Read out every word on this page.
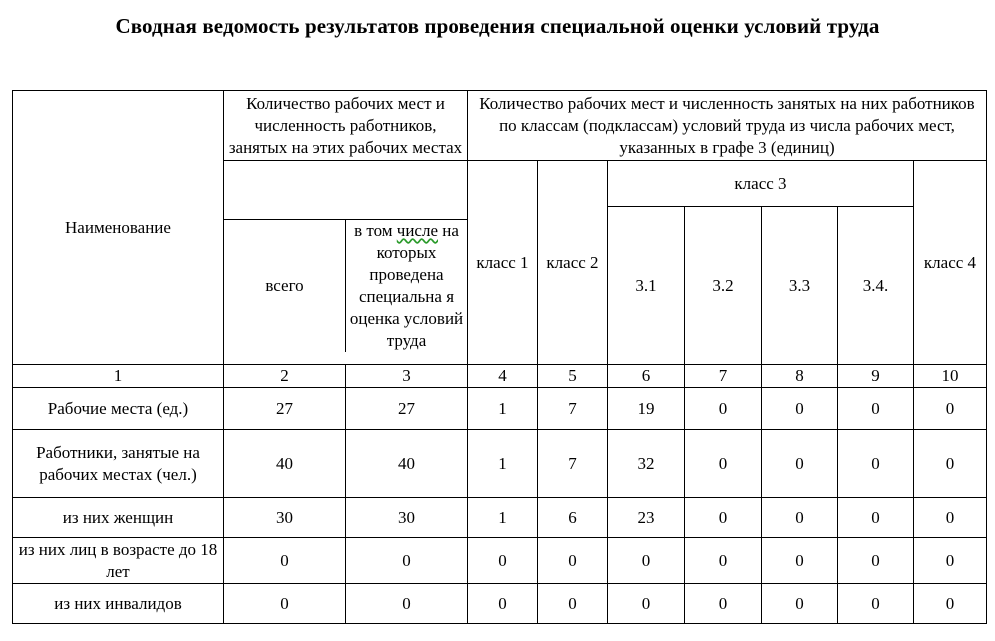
Сводная ведомость результатов проведения специальной оценки условий труда
Наименование	Количество рабочих мест и численность работников, занятых на этих рабочих местах	Количество рабочих мест и численность занятых на них работников по классам (подклассам) условий труда из числа рабочих мест, указанных в графе 3 (единиц)

всего	в том числе на которых проведена специальна я оценка условий труда
	класс 1	класс 2	класс 3	класс 4
3.1	3.2	3.3	3.4.
1	2	3	4	5	6	7	8	9	10
Рабочие места (ед.)	27	27	1	7	19	0	0	0	0
Работники, занятые на рабочих местах (чел.)	40	40	1	7	32	0	0	0	0
из них женщин	30	30	1	6	23	0	0	0	0
из них лиц в возрасте до 18 лет	0	0	0	0	0	0	0	0	0
из них инвалидов	0	0	0	0	0	0	0	0	0
